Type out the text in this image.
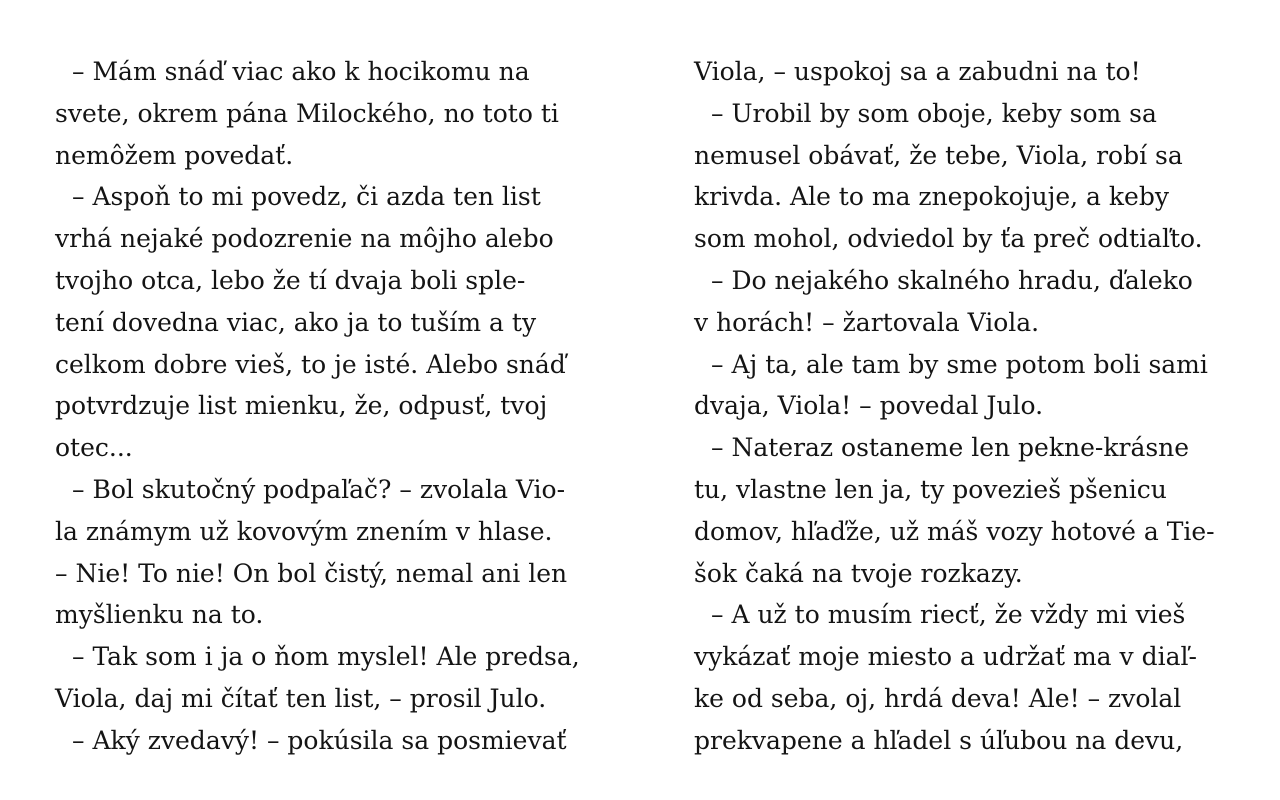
– Mám snáď viac ako k hocikomu na
svete, okrem pána Milockého, no toto ti
nemôžem povedať.
– Aspoň to mi povedz, či azda ten list
vrhá nejaké podozrenie na môjho alebo
tvojho otca, lebo že tí dvaja boli sple-
tení dovedna viac, ako ja to tuším a ty
celkom dobre vieš, to je isté. Alebo snáď
potvrdzuje list mienku, že, odpusť, tvoj
otec...
– Bol skutočný podpaľač? – zvolala Vio-
la známym už kovovým znením v hlase.
– Nie! To nie! On bol čistý, nemal ani len
myšlienku na to.
– Tak som i ja o ňom myslel! Ale predsa,
Viola, daj mi čítať ten list, – prosil Julo.
– Aký zvedavý! – pokúsila sa posmievať
Viola, – uspokoj sa a zabudni na to!
– Urobil by som oboje, keby som sa
nemusel obávať, že tebe, Viola, robí sa
krivda. Ale to ma znepokojuje, a keby
som mohol, odviedol by ťa preč odtiaľto.
– Do nejakého skalného hradu, ďaleko
v horách! – žartovala Viola.
– Aj ta, ale tam by sme potom boli sami
dvaja, Viola! – povedal Julo.
– Nateraz ostaneme len pekne-krásne
tu, vlastne len ja, ty povezieš pšenicu
domov, hľaďže, už máš vozy hotové a Tie-
šok čaká na tvoje rozkazy.
– A už to musím riecť, že vždy mi vieš
vykázať moje miesto a udržať ma v diaľ-
ke od seba, oj, hrdá deva! Ale! – zvolal
prekvapene a hľadel s úľubou na devu,
